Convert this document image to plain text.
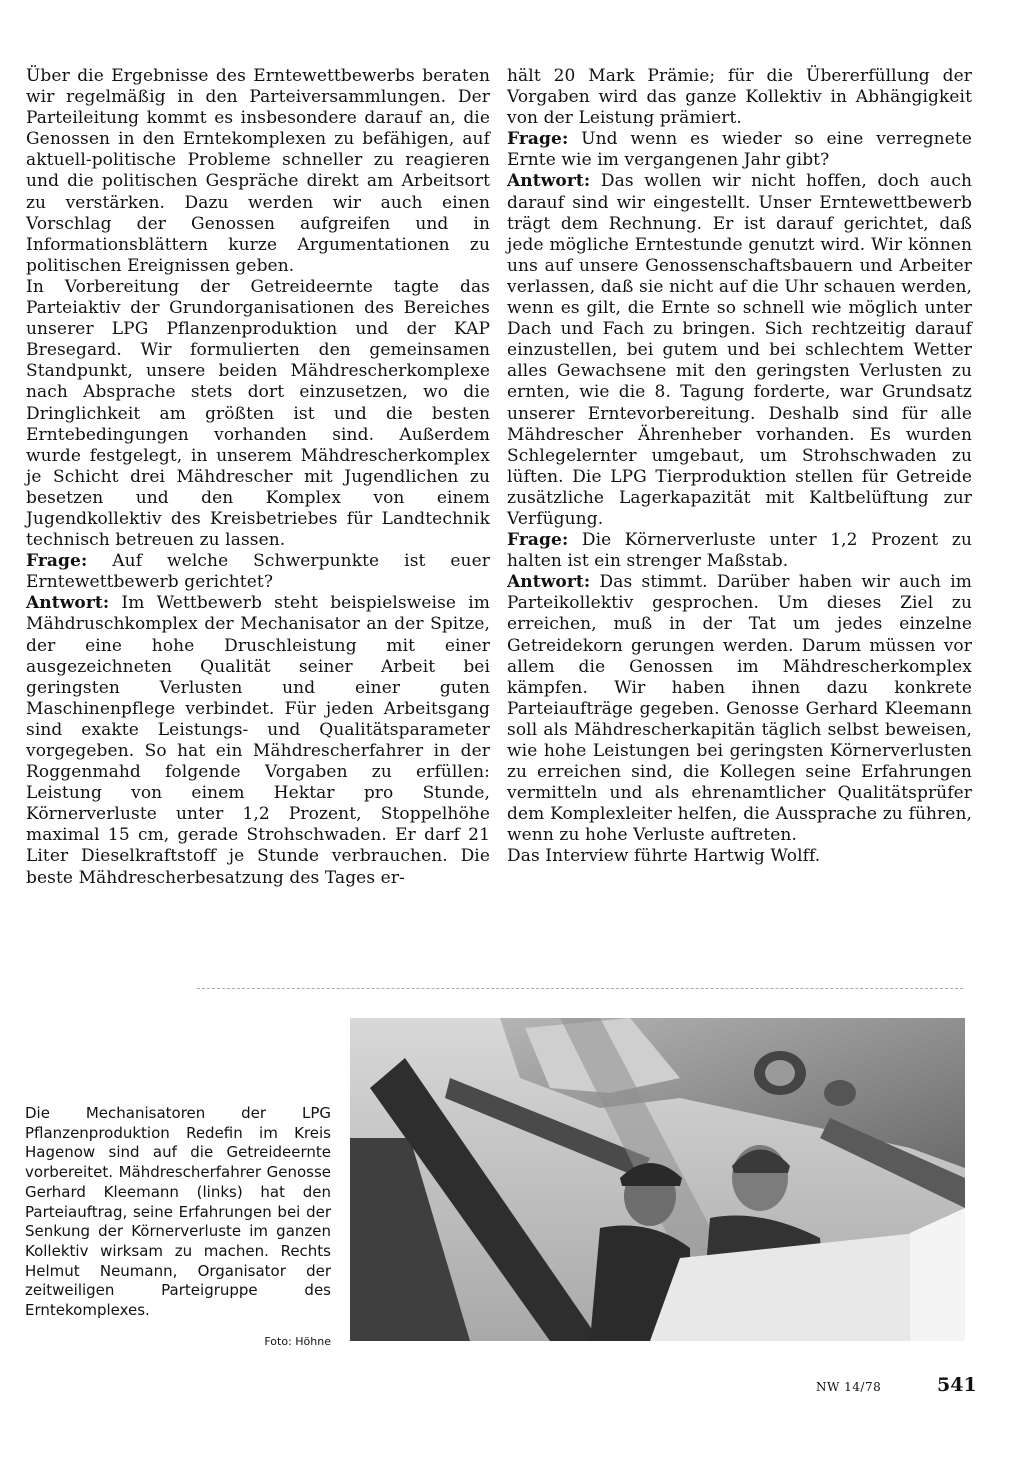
Über die Ergebnisse des Erntewettbewerbs beraten wir regelmäßig in den Parteiversammlungen. Der Parteileitung kommt es insbesondere darauf an, die Genossen in den Erntekomplexen zu befähigen, auf aktuell-politische Probleme schneller zu reagieren und die politischen Gespräche direkt am Arbeitsort zu verstärken. Dazu werden wir auch einen Vorschlag der Genossen aufgreifen und in Informationsblättern kurze Argumentationen zu politischen Ereignissen geben.

In Vorbereitung der Getreideernte tagte das Parteiaktiv der Grundorganisationen des Bereiches unserer LPG Pflanzenproduktion und der KAP Bresegard. Wir formulierten den gemeinsamen Standpunkt, unsere beiden Mähdrescherkomplexe nach Absprache stets dort einzusetzen, wo die Dringlichkeit am größten ist und die besten Erntebedingungen vorhanden sind. Außerdem wurde festgelegt, in unserem Mähdrescherkomplex je Schicht drei Mähdrescher mit Jugendlichen zu besetzen und den Komplex von einem Jugendkollektiv des Kreisbetriebes für Landtechnik technisch betreuen zu lassen.

Frage: Auf welche Schwerpunkte ist euer Erntewettbewerb gerichtet?

Antwort: Im Wettbewerb steht beispielsweise im Mähdruschkomplex der Mechanisator an der Spitze, der eine hohe Druschleistung mit einer ausgezeichneten Qualität seiner Arbeit bei geringsten Verlusten und einer guten Maschinenpflege verbindet. Für jeden Arbeitsgang sind exakte Leistungs- und Qualitätsparameter vorgegeben. So hat ein Mähdrescherfahrer in der Roggenmahd folgende Vorgaben zu erfüllen: Leistung von einem Hektar pro Stunde, Körnerverluste unter 1,2 Prozent, Stoppelhöhe maximal 15 cm, gerade Strohschwaden. Er darf 21 Liter Dieselkraftstoff je Stunde verbrauchen. Die beste Mähdrescherbesatzung des Tages er-

hält 20 Mark Prämie; für die Übererfüllung der Vorgaben wird das ganze Kollektiv in Abhängigkeit von der Leistung prämiert.

Frage: Und wenn es wieder so eine verregnete Ernte wie im vergangenen Jahr gibt?

Antwort: Das wollen wir nicht hoffen, doch auch darauf sind wir eingestellt. Unser Erntewettbewerb trägt dem Rechnung. Er ist darauf gerichtet, daß jede mögliche Erntestunde genutzt wird. Wir können uns auf unsere Genossenschaftsbauern und Arbeiter verlassen, daß sie nicht auf die Uhr schauen werden, wenn es gilt, die Ernte so schnell wie möglich unter Dach und Fach zu bringen. Sich rechtzeitig darauf einzustellen, bei gutem und bei schlechtem Wetter alles Gewachsene mit den geringsten Verlusten zu ernten, wie die 8. Tagung forderte, war Grundsatz unserer Erntevorbereitung. Deshalb sind für alle Mähdrescher Ährenheber vorhanden. Es wurden Schlegelernter umgebaut, um Strohschwaden zu lüften. Die LPG Tierproduktion stellen für Getreide zusätzliche Lagerkapazität mit Kaltbelüftung zur Verfügung.

Frage: Die Körnerverluste unter 1,2 Prozent zu halten ist ein strenger Maßstab.

Antwort: Das stimmt. Darüber haben wir auch im Parteikollektiv gesprochen. Um dieses Ziel zu erreichen, muß in der Tat um jedes einzelne Getreidekorn gerungen werden. Darum müssen vor allem die Genossen im Mähdrescherkomplex kämpfen. Wir haben ihnen dazu konkrete Parteiaufträge gegeben. Genosse Gerhard Kleemann soll als Mähdrescherkapitän täglich selbst beweisen, wie hohe Leistungen bei geringsten Körnerverlusten zu erreichen sind, die Kollegen seine Erfahrungen vermitteln und als ehrenamtlicher Qualitätsprüfer dem Komplexleiter helfen, die Aussprache zu führen, wenn zu hohe Verluste auftreten.

Das Interview führte Hartwig Wolff.

Die Mechanisatoren der LPG Pflanzenproduktion Redefin im Kreis Hagenow sind auf die Getreideernte vorbereitet. Mähdrescherfahrer Genosse Gerhard Kleemann (links) hat den Parteiauftrag, seine Erfahrungen bei der Senkung der Körnerverluste im ganzen Kollektiv wirksam zu machen. Rechts Helmut Neumann, Organisator der zeitweiligen Parteigruppe des Erntekomplexes.
Foto: Höhne
NW 14/78	541
